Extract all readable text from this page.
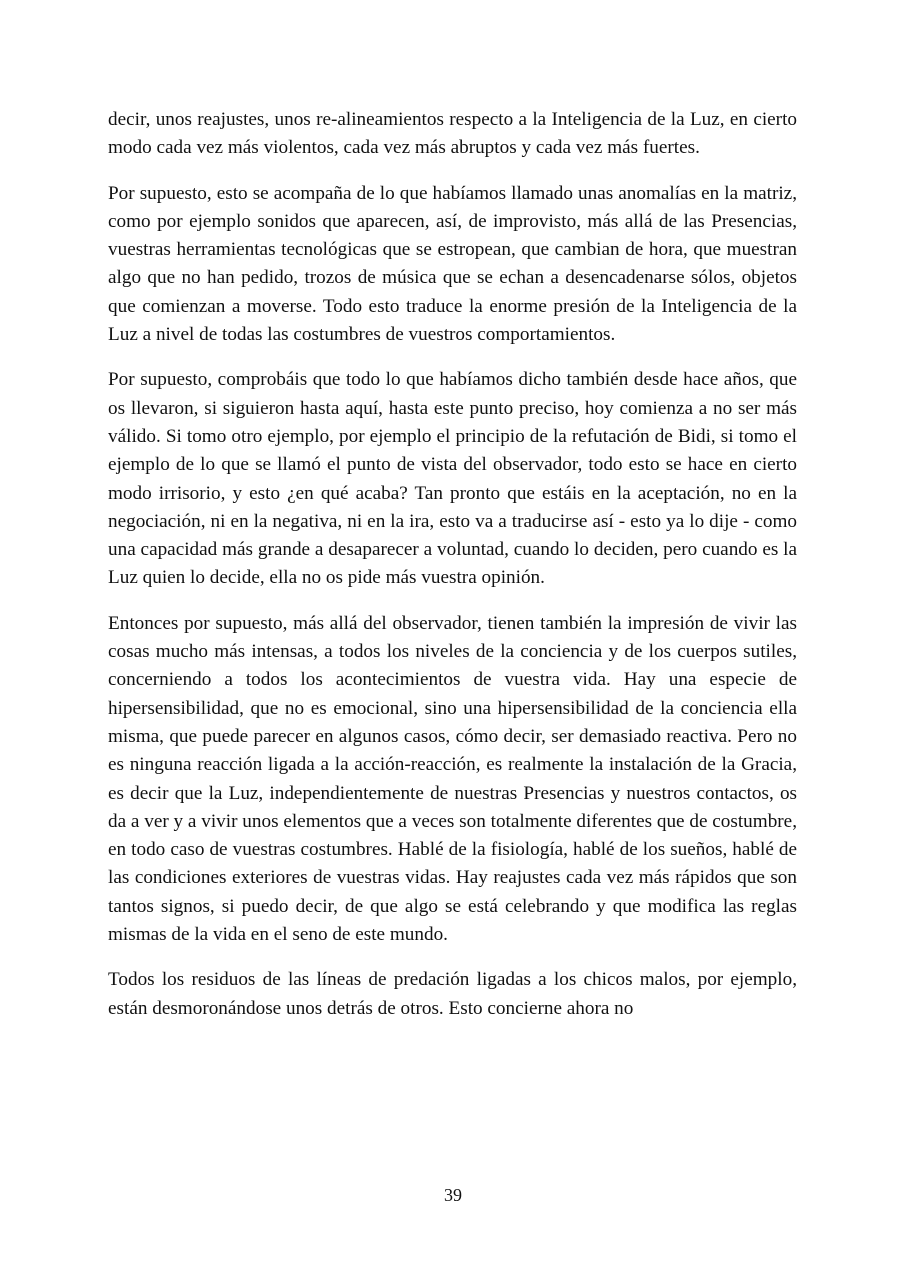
decir, unos reajustes, unos re-alineamientos respecto a la Inteligencia de la Luz, en cierto modo cada vez más violentos, cada vez más abruptos y cada vez más fuertes.

Por supuesto, esto se acompaña de lo que habíamos llamado unas anomalías en la matriz, como por ejemplo sonidos que aparecen, así, de improvisto, más allá de las Presencias, vuestras herramientas tecnológicas que se estropean, que cambian de hora, que muestran algo que no han pedido, trozos de música que se echan a desencadenarse sólos, objetos que comienzan a moverse. Todo esto traduce la enorme presión de la Inteligencia de la Luz a nivel de todas las costumbres de vuestros comportamientos.

Por supuesto, comprobáis que todo lo que habíamos dicho también desde hace años, que os llevaron, si siguieron hasta aquí, hasta este punto preciso, hoy comienza a no ser más válido. Si tomo otro ejemplo, por ejemplo el principio de la refutación de Bidi, si tomo el ejemplo de lo que se llamó el punto de vista del observador, todo esto se hace en cierto modo irrisorio, y esto ¿en qué acaba? Tan pronto que estáis en la aceptación, no en la negociación, ni en la negativa, ni en la ira, esto va a traducirse así - esto ya lo dije - como una capacidad más grande a desaparecer a voluntad, cuando lo deciden, pero cuando es la Luz quien lo decide, ella no os pide más vuestra opinión.

Entonces por supuesto, más allá del observador, tienen también la impresión de vivir las cosas mucho más intensas, a todos los niveles de la conciencia y de los cuerpos sutiles, concerniendo a todos los acontecimientos de vuestra vida. Hay una especie de hipersensibilidad, que no es emocional, sino una hipersensibilidad de la conciencia ella misma, que puede parecer en algunos casos, cómo decir, ser demasiado reactiva. Pero no es ninguna reacción ligada a la acción-reacción, es realmente la instalación de la Gracia, es decir que la Luz, independientemente de nuestras Presencias y nuestros contactos, os da a ver y a vivir unos elementos que a veces son totalmente diferentes que de costumbre, en todo caso de vuestras costumbres. Hablé de la fisiología, hablé de los sueños, hablé de las condiciones exteriores de vuestras vidas. Hay reajustes cada vez más rápidos que son tantos signos, si puedo decir, de que algo se está celebrando y que modifica las reglas mismas de la vida en el seno de este mundo.

Todos los residuos de las líneas de predación ligadas a los chicos malos, por ejemplo, están desmoronándose unos detrás de otros. Esto concierne ahora no

39
